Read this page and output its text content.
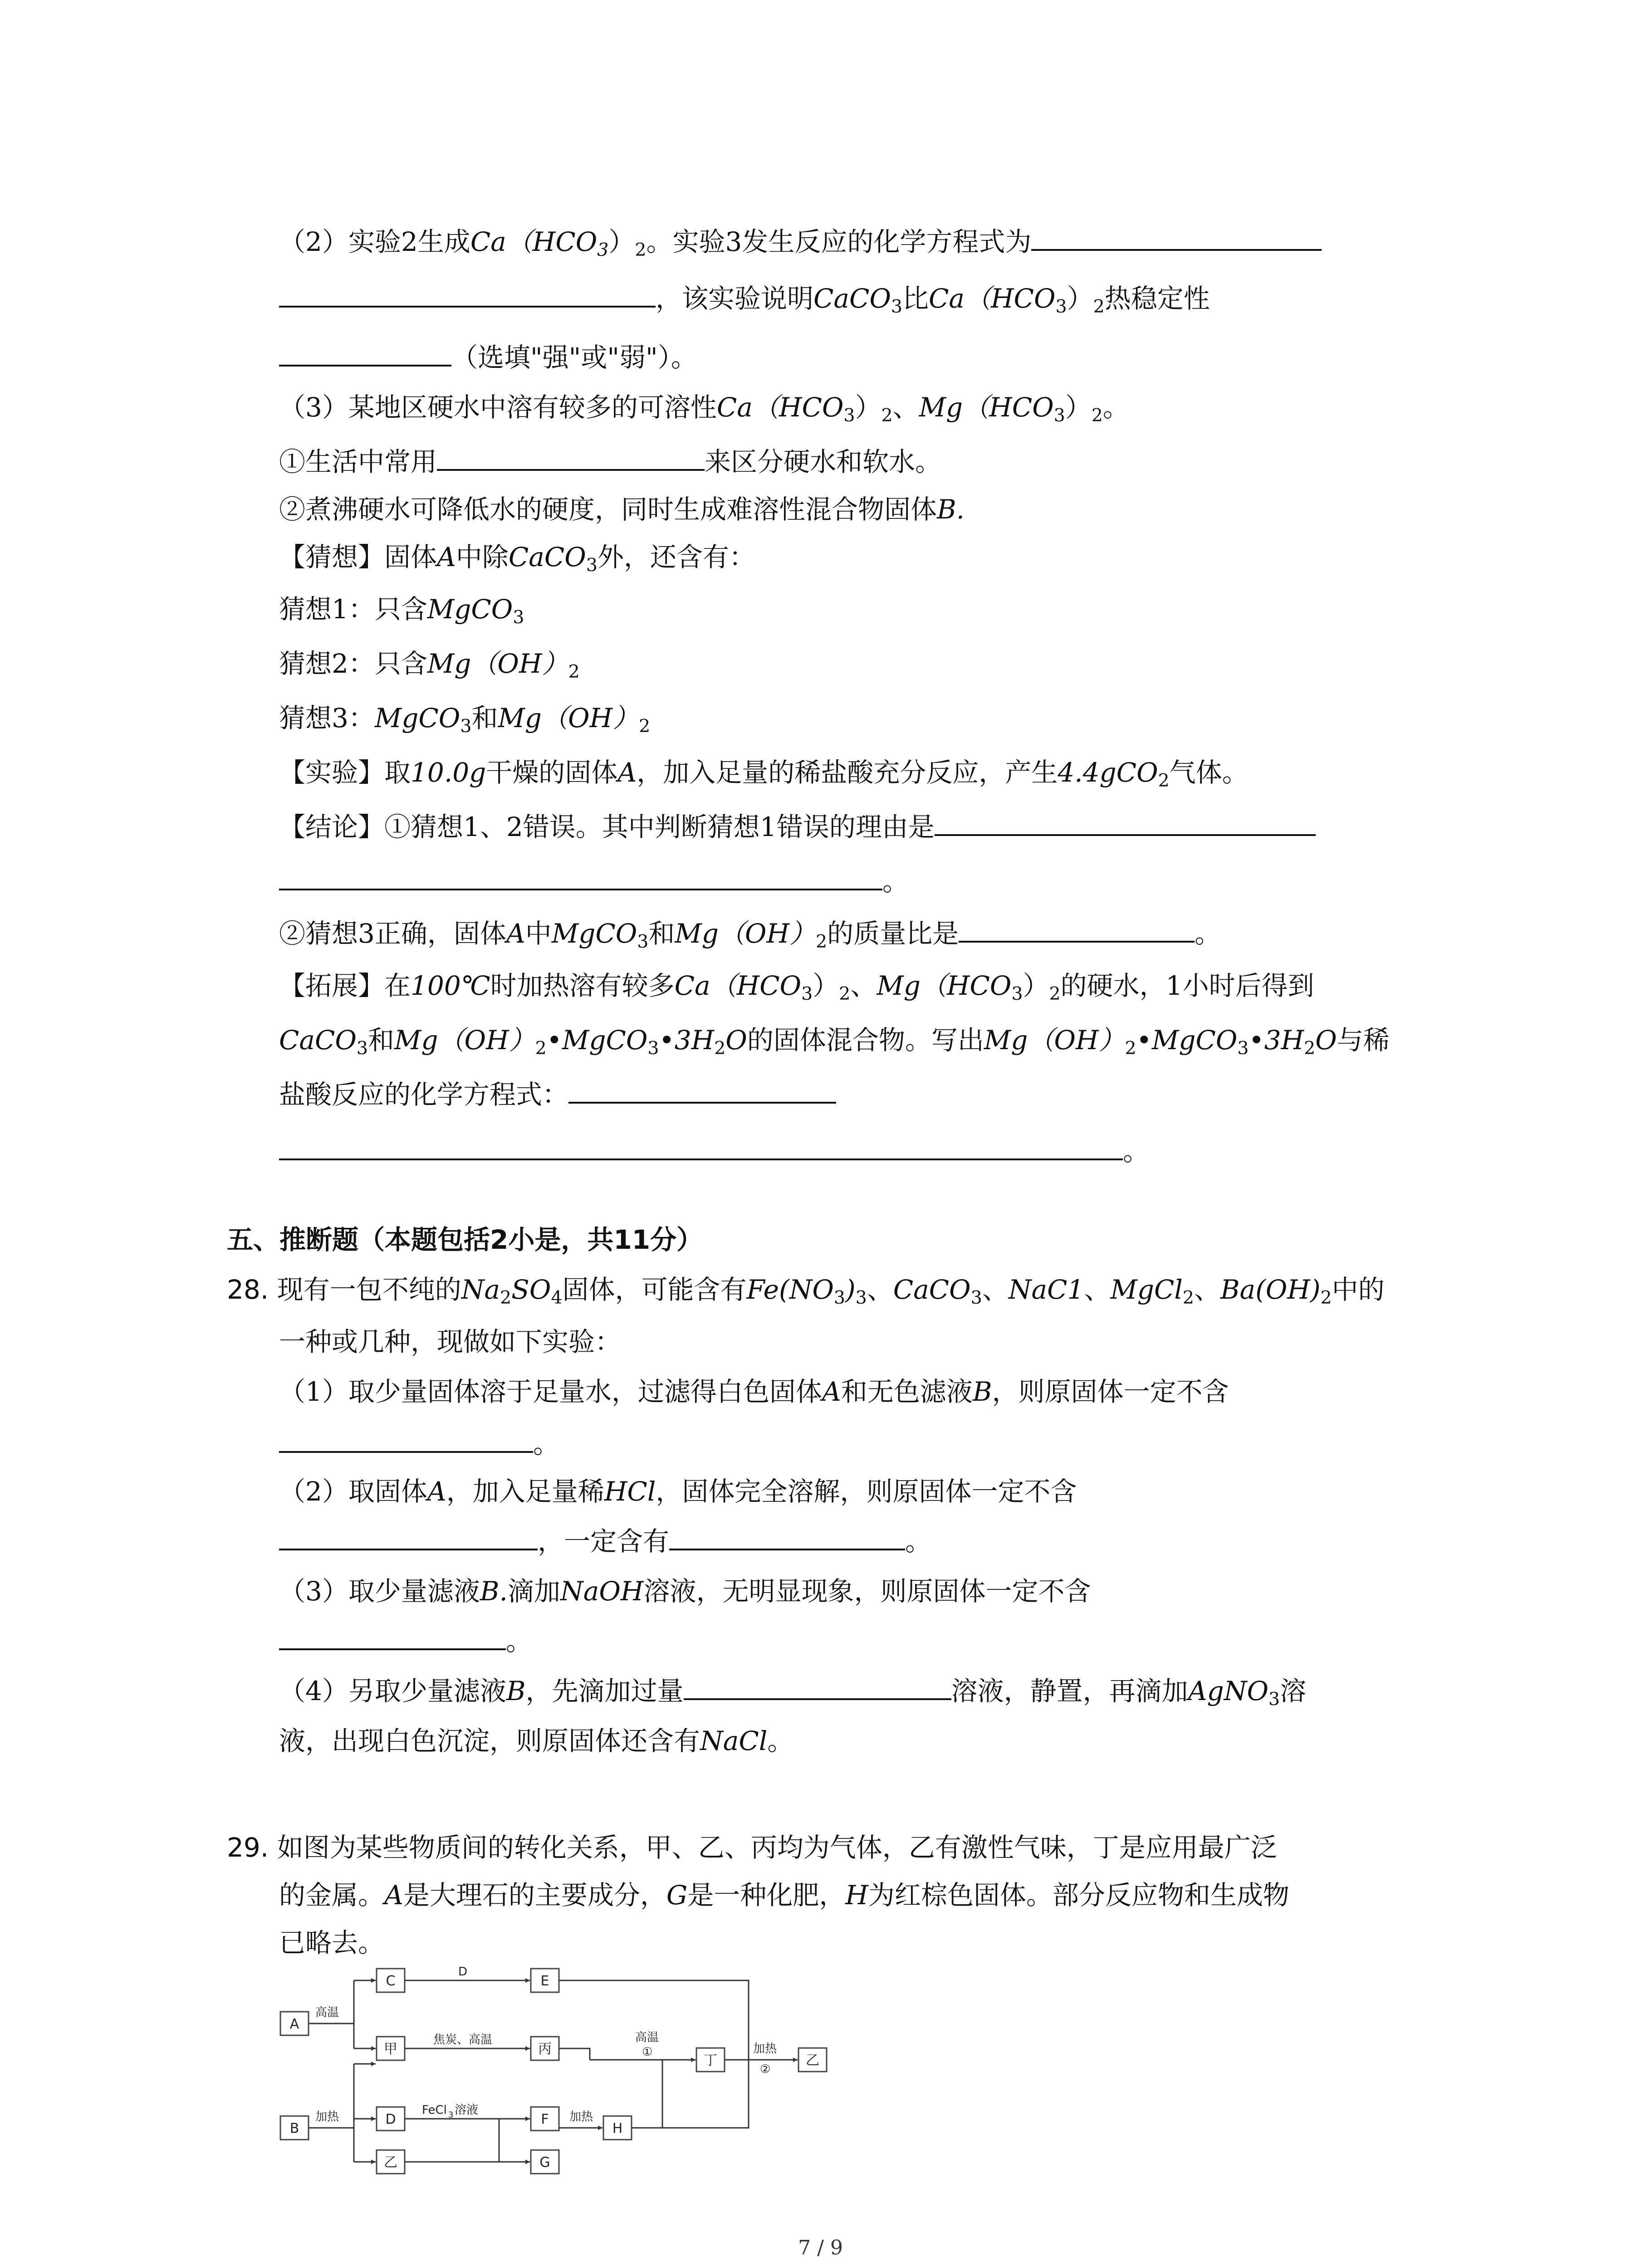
（2）实验2生成$Ca(HCO_3)_2$。实验3发生反应的化学方程式为
，该实验说明CaCO$_3$比$Ca(HCO_3)_2$热稳定性
（选填"强"或"弱"）。
（3）某地区硬水中溶有较多的可溶性$Ca(HCO_3)_2$、$Mg(HCO_3)_2$。
①生活中常用	来区分硬水和软水。
②煮沸硬水可降低水的硬度，同时生成难溶性混合物固体B.
【猜想】固体A中除CaCO$_3$外，还含有：
猜想1：只含MgCO$_3$
猜想2：只含$Mg(OH)_2$
猜想3：MgCO$_3$和$Mg(OH)_2$
【实验】取10.0g干燥的固体A，加入足量的稀盐酸充分反应，产生4.4gCO$_2$气体。
【结论】①猜想1、2错误。其中判断猜想1错误的理由是
。
②猜想3正确，固体A中MgCO$_3$和$Mg(OH)_2$的质量比是	。
【拓展】在100℃时加热溶有较多$Ca(HCO_3)_2$、$Mg(HCO_3)_2$的硬水，1小时后得到
CaCO$_3$和$Mg(OH)_2•MgCO_3•3H_2O$的固体混合物。写出$Mg(OH)_2•MgCO_3•3H_2O$与稀
盐酸反应的化学方程式：
。
五、推断题（本题包括2小是，共11分）
28. 现有一包不纯的$Na_2SO_4$固体，可能含有$Fe(NO_3)_3$、CaCO$_3$、NaC1、MgCl$_2$、$Ba(OH)_2$中的
一种或几种，现做如下实验：
（1）取少量固体溶于足量水，过滤得白色固体A和无色滤液B，则原固体一定不含
。
（2）取固体A，加入足量稀HCl，固体完全溶解，则原固体一定不含
，一定含有	。
（3）取少量滤液B.滴加NaOH溶液，无明显现象，则原固体一定不含
。
（4）另取少量滤液B，先滴加过量	溶液，静置，再滴加AgNO$_3$溶
液，出现白色沉淀，则原固体还含有NaCl。
29. 如图为某些物质间的转化关系，甲、乙、丙均为气体，乙有激性气味，丁是应用最广泛
的金属。A是大理石的主要成分，G是一种化肥，H为红棕色固体。部分反应物和生成物
已略去。
A
B
C	E
甲	丙
D
乙
F
G
H
丁	乙
高温
D
焦炭、高温
加热	FeCl 3 溶液	加热
高温
①	加热
②
7 / 9
